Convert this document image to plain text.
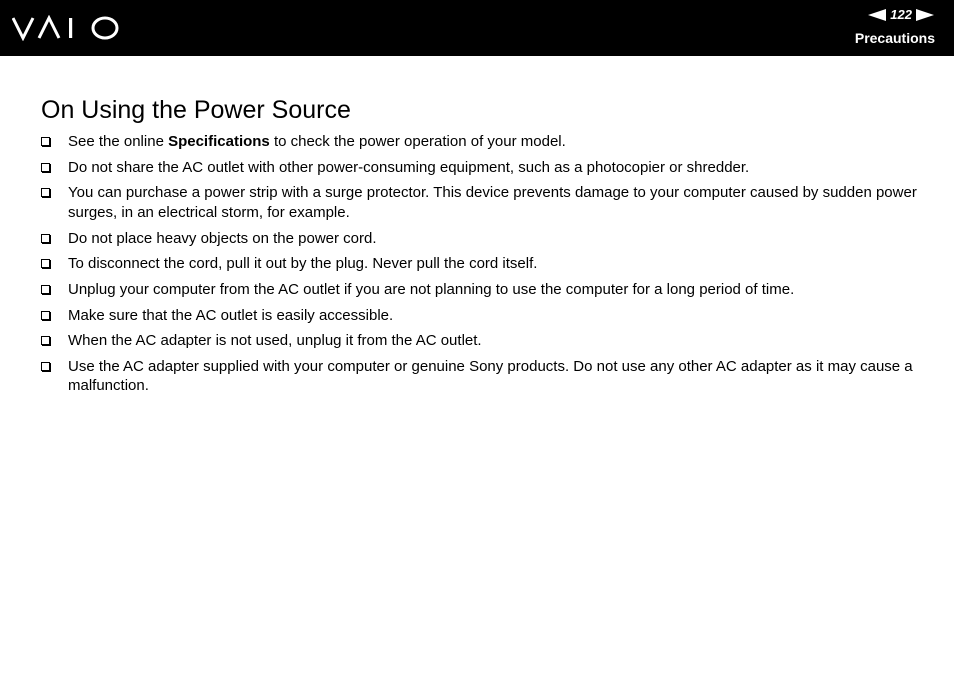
122
Precautions
On Using the Power Source
See the online Specifications to check the power operation of your model.
Do not share the AC outlet with other power-consuming equipment, such as a photocopier or shredder.
You can purchase a power strip with a surge protector. This device prevents damage to your computer caused by sudden power surges, in an electrical storm, for example.
Do not place heavy objects on the power cord.
To disconnect the cord, pull it out by the plug. Never pull the cord itself.
Unplug your computer from the AC outlet if you are not planning to use the computer for a long period of time.
Make sure that the AC outlet is easily accessible.
When the AC adapter is not used, unplug it from the AC outlet.
Use the AC adapter supplied with your computer or genuine Sony products. Do not use any other AC adapter as it may cause a malfunction.
